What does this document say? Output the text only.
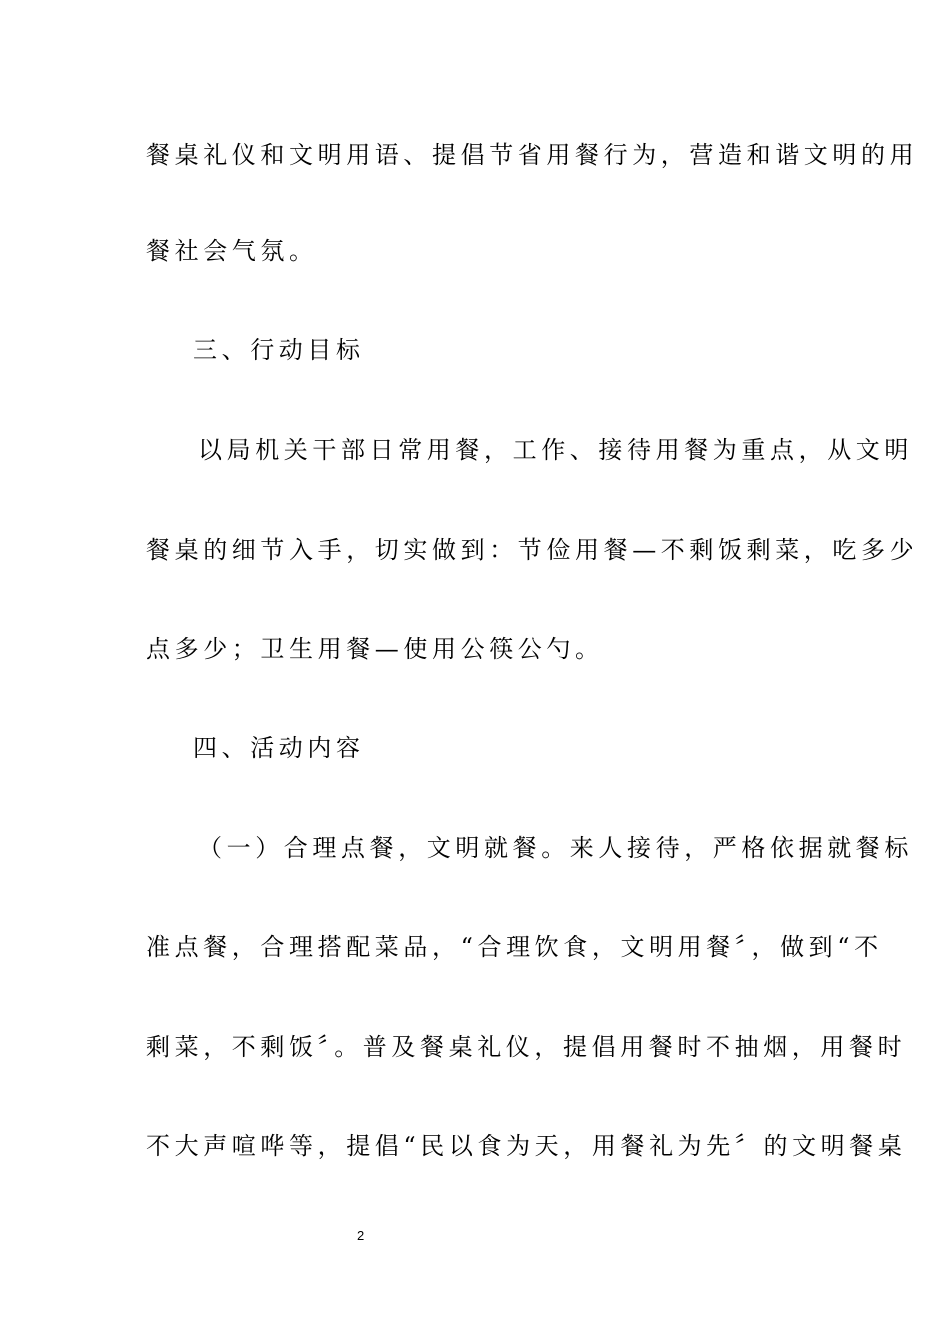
餐桌礼仪和文明用语、提倡节省用餐行为，营造和谐文明的用
餐社会气氛。
三、行动目标
以局机关干部日常用餐，工作、接待用餐为重点，从文明
餐桌的细节入手，切实做到：节俭用餐—不剩饭剩菜，吃多少
点多少；卫生用餐—使用公筷公勺。
四、活动内容
（一）合理点餐，文明就餐。来人接待，严格依据就餐标
准点餐，合理搭配菜品，“合理饮食，文明用餐〞，做到“不
剩菜，不剩饭〞。普及餐桌礼仪，提倡用餐时不抽烟，用餐时
不大声喧哗等，提倡“民以食为天，用餐礼为先〞的文明餐桌
2
